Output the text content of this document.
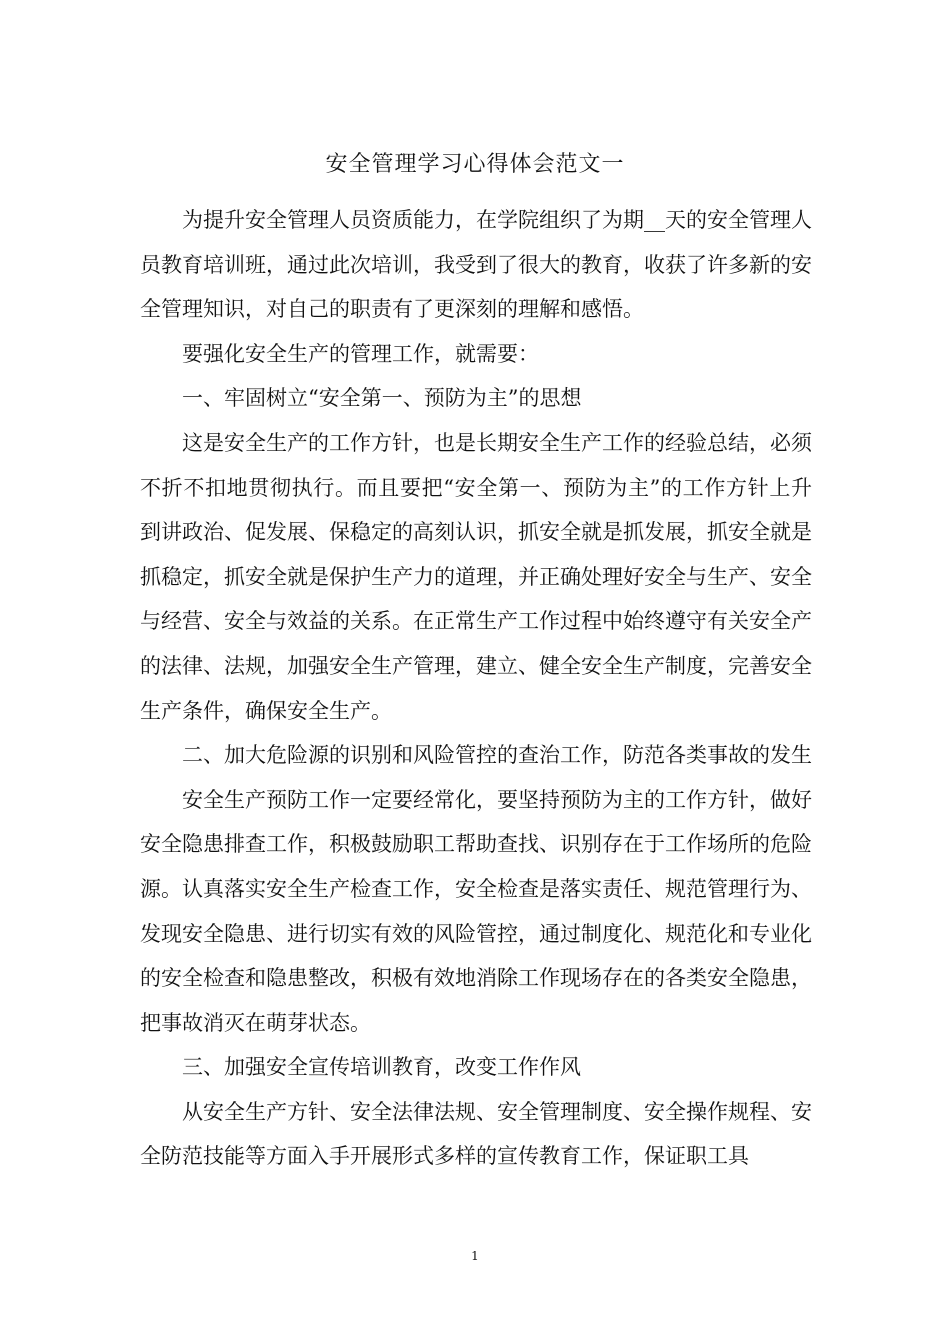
安全管理学习心得体会范文一

为提升安全管理人员资质能力，在学院组织了为期__天的安全管理人员教育培训班，通过此次培训，我受到了很大的教育，收获了许多新的安全管理知识，对自己的职责有了更深刻的理解和感悟。

要强化安全生产的管理工作，就需要：

一、牢固树立“安全第一、预防为主”的思想

这是安全生产的工作方针，也是长期安全生产工作的经验总结，必须不折不扣地贯彻执行。而且要把“安全第一、预防为主”的工作方针上升到讲政治、促发展、保稳定的高刻认识，抓安全就是抓发展，抓安全就是抓稳定，抓安全就是保护生产力的道理，并正确处理好安全与生产、安全与经营、安全与效益的关系。在正常生产工作过程中始终遵守有关安全产的法律、法规，加强安全生产管理，建立、健全安全生产制度，完善安全生产条件，确保安全生产。

二、加大危险源的识别和风险管控的查治工作，防范各类事故的发生

安全生产预防工作一定要经常化，要坚持预防为主的工作方针，做好安全隐患排查工作，积极鼓励职工帮助查找、识别存在于工作场所的危险源。认真落实安全生产检查工作，安全检查是落实责任、规范管理行为、发现安全隐患、进行切实有效的风险管控，通过制度化、规范化和专业化的安全检查和隐患整改，积极有效地消除工作现场存在的各类安全隐患，把事故消灭在萌芽状态。

三、加强安全宣传培训教育，改变工作作风

从安全生产方针、安全法律法规、安全管理制度、安全操作规程、安全防范技能等方面入手开展形式多样的宣传教育工作，保证职工具

1
